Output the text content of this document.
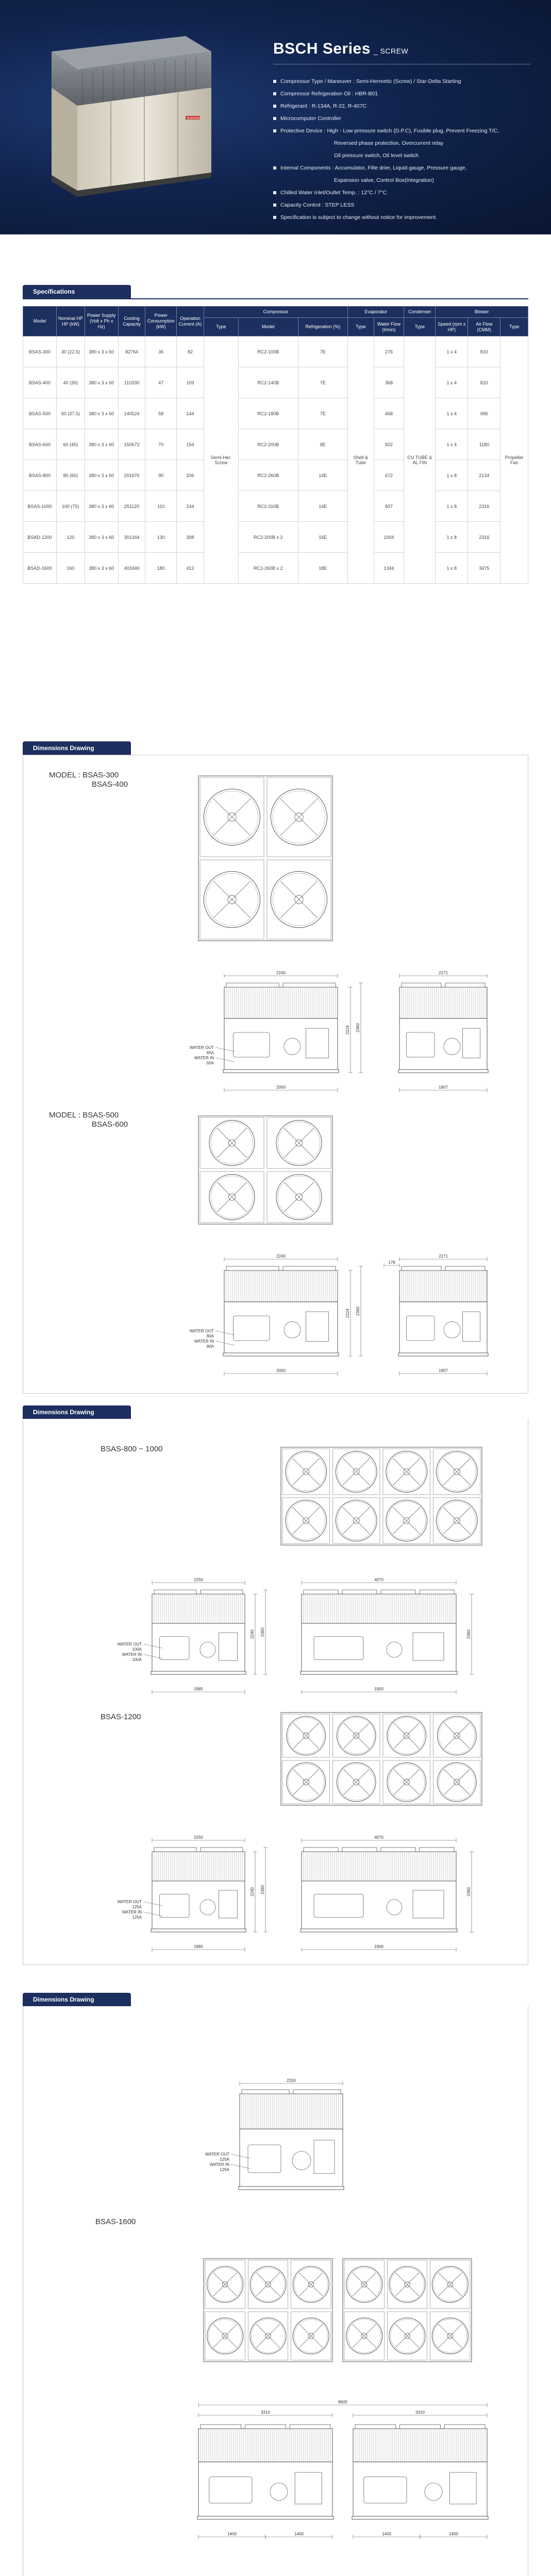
BUMYANG
BSCH Series _ SCREW
Compressor Type / Maneuver : Semi-Hermetic (Screw) / Star-Delta Starting
Compressor Refrigeration Oil : HBR-B01
Refrigerant : R-134A, R-22, R-407C
Microcomputer Controller
Protective Device : High - Low pressure switch (D.P.C), Fusible plug, Prevent Freezing T/C,
Reversed phase protection, Overcurrent relay
Oil pressure switch, Oil level switch
Internal Components : Accumulator, Filte drier, Liquid gauge, Pressure gauge,
Expansion valve, Control Box(Integration)
Chilled Water Inlet/Outlet Temp. : 12°C / 7°C
Capacity Control : STEP LESS
Specification is subject to change without notice for improvement.
Specifications
Model	Nominal HP HP (kW)	Power Supply (Volt x Ph x Hz)	Cooling Capacity	Power Consumption (kW)	Operation Current (A)	Compressor			Evaporator		Condenser	Blower		
						Type	Model	Refrigeration (%)	Type	Water Flow (ℓ/min)	Type	Speed (rpm x HP)	Air Flow (CMM)	Type
BSAS-300	30 (22.5)	380 x 3 x 60	82764	36	82	Semi-Her. Screw	RC2-100B	7E	Shell & Tube	276	CU TUBE & AL FIN	1 x 4	810	Propeller Fan
BSAS-400	40 (30)	380 x 3 x 60	110330	47	109		RC2-140B	7E		368		1 x 4	810	
BSAS-500	50 (37.5)	380 x 3 x 60	140524	58	144		RC2-180B	7E		468		1 x 4	995	
BSAS-600	60 (45)	380 x 3 x 60	150672	70	154		RC2-200B	8E		502		1 x 4	1180	
BSAS-800	80 (60)	380 x 3 x 60	201670	90	206		RC2-260B	14E		672		1 x 8	2134	
BSAS-1000	100 (75)	380 x 3 x 60	251120	110	244		RC2-310B	14E		837		1 x 8	2316	
BSAD-1200	120	380 x 3 x 60	301344	130	308		RC2-200B x 2	16E		1004		1 x 8	2316	
BSAD-1600	160	380 x 3 x 60	403340	180	412		RC2-260B x 2	18E		1344		1 x 8	3475	
Dimensions Drawing
MODEL : BSAS-300
BSAS-400
2240
2000
2224 2360
WATER OUT
65A
WATER IN
65A
2271
1907
MODEL : BSAS-500
BSAS-600
2240
2000
2224 2360
WATER OUT
80A
WATER IN
80A
2271
1907
178
Dimensions Drawing
BSAS-800 ~ 1000
2250
2240 2360
WATER OUT
100A
WATER IN
100A
4070
1985	1900
2360
BSAS-1200
2250
2240 2360
WATER OUT
125A
WATER IN
125A
4070
1985	1900
2360
Dimensions Drawing
BSAS-1600
2250
WATER OUT
125A
WATER IN
125A
8600
3310	3310
1400	1400	1400	1400
